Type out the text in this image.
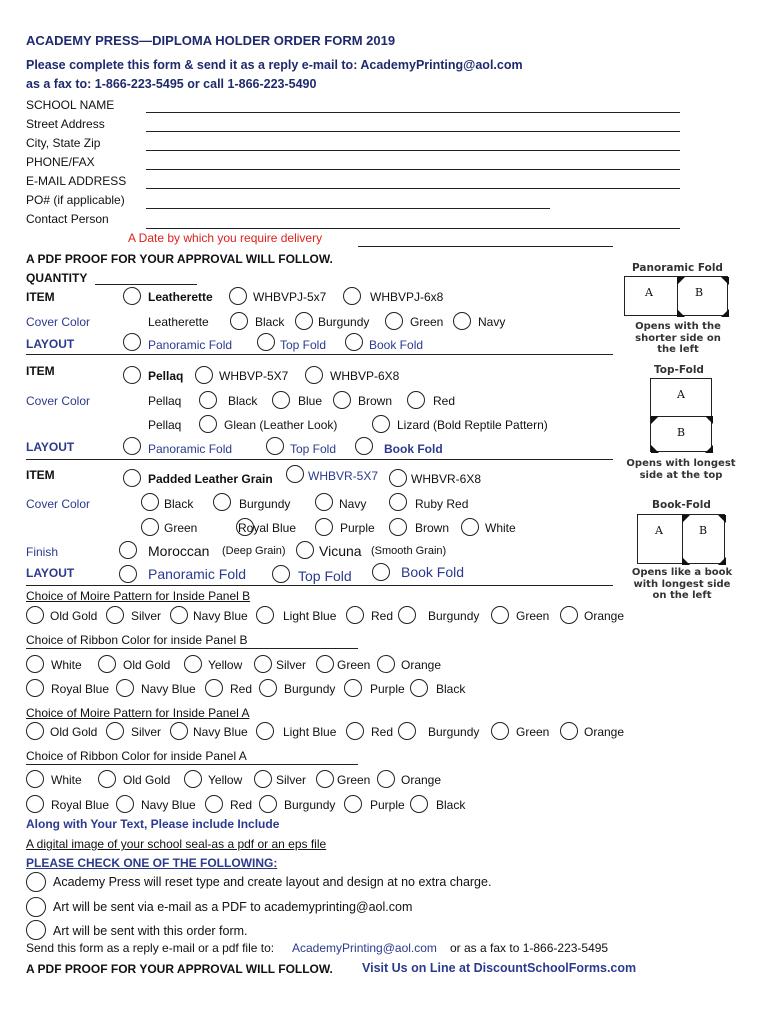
ACADEMY PRESS—DIPLOMA HOLDER ORDER FORM 2019
Please complete this form & send it as a reply e-mail to: AcademyPrinting@aol.com
as a fax to: 1-866-223-5495 or call 1-866-223-5490
SCHOOL NAME
Street Address
City, State Zip
PHONE/FAX
E-MAIL ADDRESS
PO# (if applicable)
Contact Person
A Date by which you require delivery
A PDF PROOF FOR YOUR APPROVAL WILL FOLLOW.
QUANTITY
ITEM	Leatherette	WHBVPJ-5x7	WHBVPJ-6x8
Cover Color	Leatherette	Black	Burgundy	Green	Navy
LAYOUT	Panoramic Fold	Top Fold	Book Fold
ITEM	Pellaq	WHBVP-5X7	WHBVP-6X8
Cover Color	Pellaq	Black	Blue	Brown	Red
Pellaq	Glean (Leather Look)	Lizard (Bold Reptile Pattern)
LAYOUT	Panoramic Fold	Top Fold	Book Fold
ITEM	Padded Leather Grain	WHBVR-5X7	WHBVR-6X8
Cover Color	Black	Burgundy	Navy	Ruby Red
Green	Royal Blue	Purple	Brown	White
Finish	Moroccan (Deep Grain) Vicuna (Smooth Grain)
LAYOUT	Panoramic Fold	Top Fold	Book Fold
Choice of Moire Pattern for Inside Panel B
Old Gold	Silver	Navy Blue	Light Blue	Red	Burgundy	Green	Orange
Choice of Ribbon Color for inside Panel B
White	Old Gold	Yellow	Silver	Green	Orange
Royal Blue	Navy Blue	Red	Burgundy	Purple	Black
Choice of Moire Pattern for Inside Panel A
Old Gold	Silver	Navy Blue	Light Blue	Red	Burgundy	Green	Orange
Choice of Ribbon Color for inside Panel A
White	Old Gold	Yellow	Silver	Green	Orange
Royal Blue	Navy Blue	Red	Burgundy	Purple	Black
Along with Your Text, Please include Include
A digital image of your school seal-as a pdf or an eps file
PLEASE CHECK ONE OF THE FOLLOWING:
Academy Press will reset type and create layout and design at no extra charge.
Art will be sent via e-mail as a PDF to academyprinting@aol.com
Art will be sent with this order form.
Send this form as a reply e-mail or a pdf file to: AcademyPrinting@aol.com or as a fax to 1-866-223-5495
A PDF PROOF FOR YOUR APPROVAL WILL FOLLOW. Visit Us on Line at DiscountSchoolForms.com
Panoramic Fold
A	B
Opens with the shorter side on the left
Top-Fold
A
B
Opens with longest side at the top
Book-Fold
A	B
Opens like a book with longest side on the left
